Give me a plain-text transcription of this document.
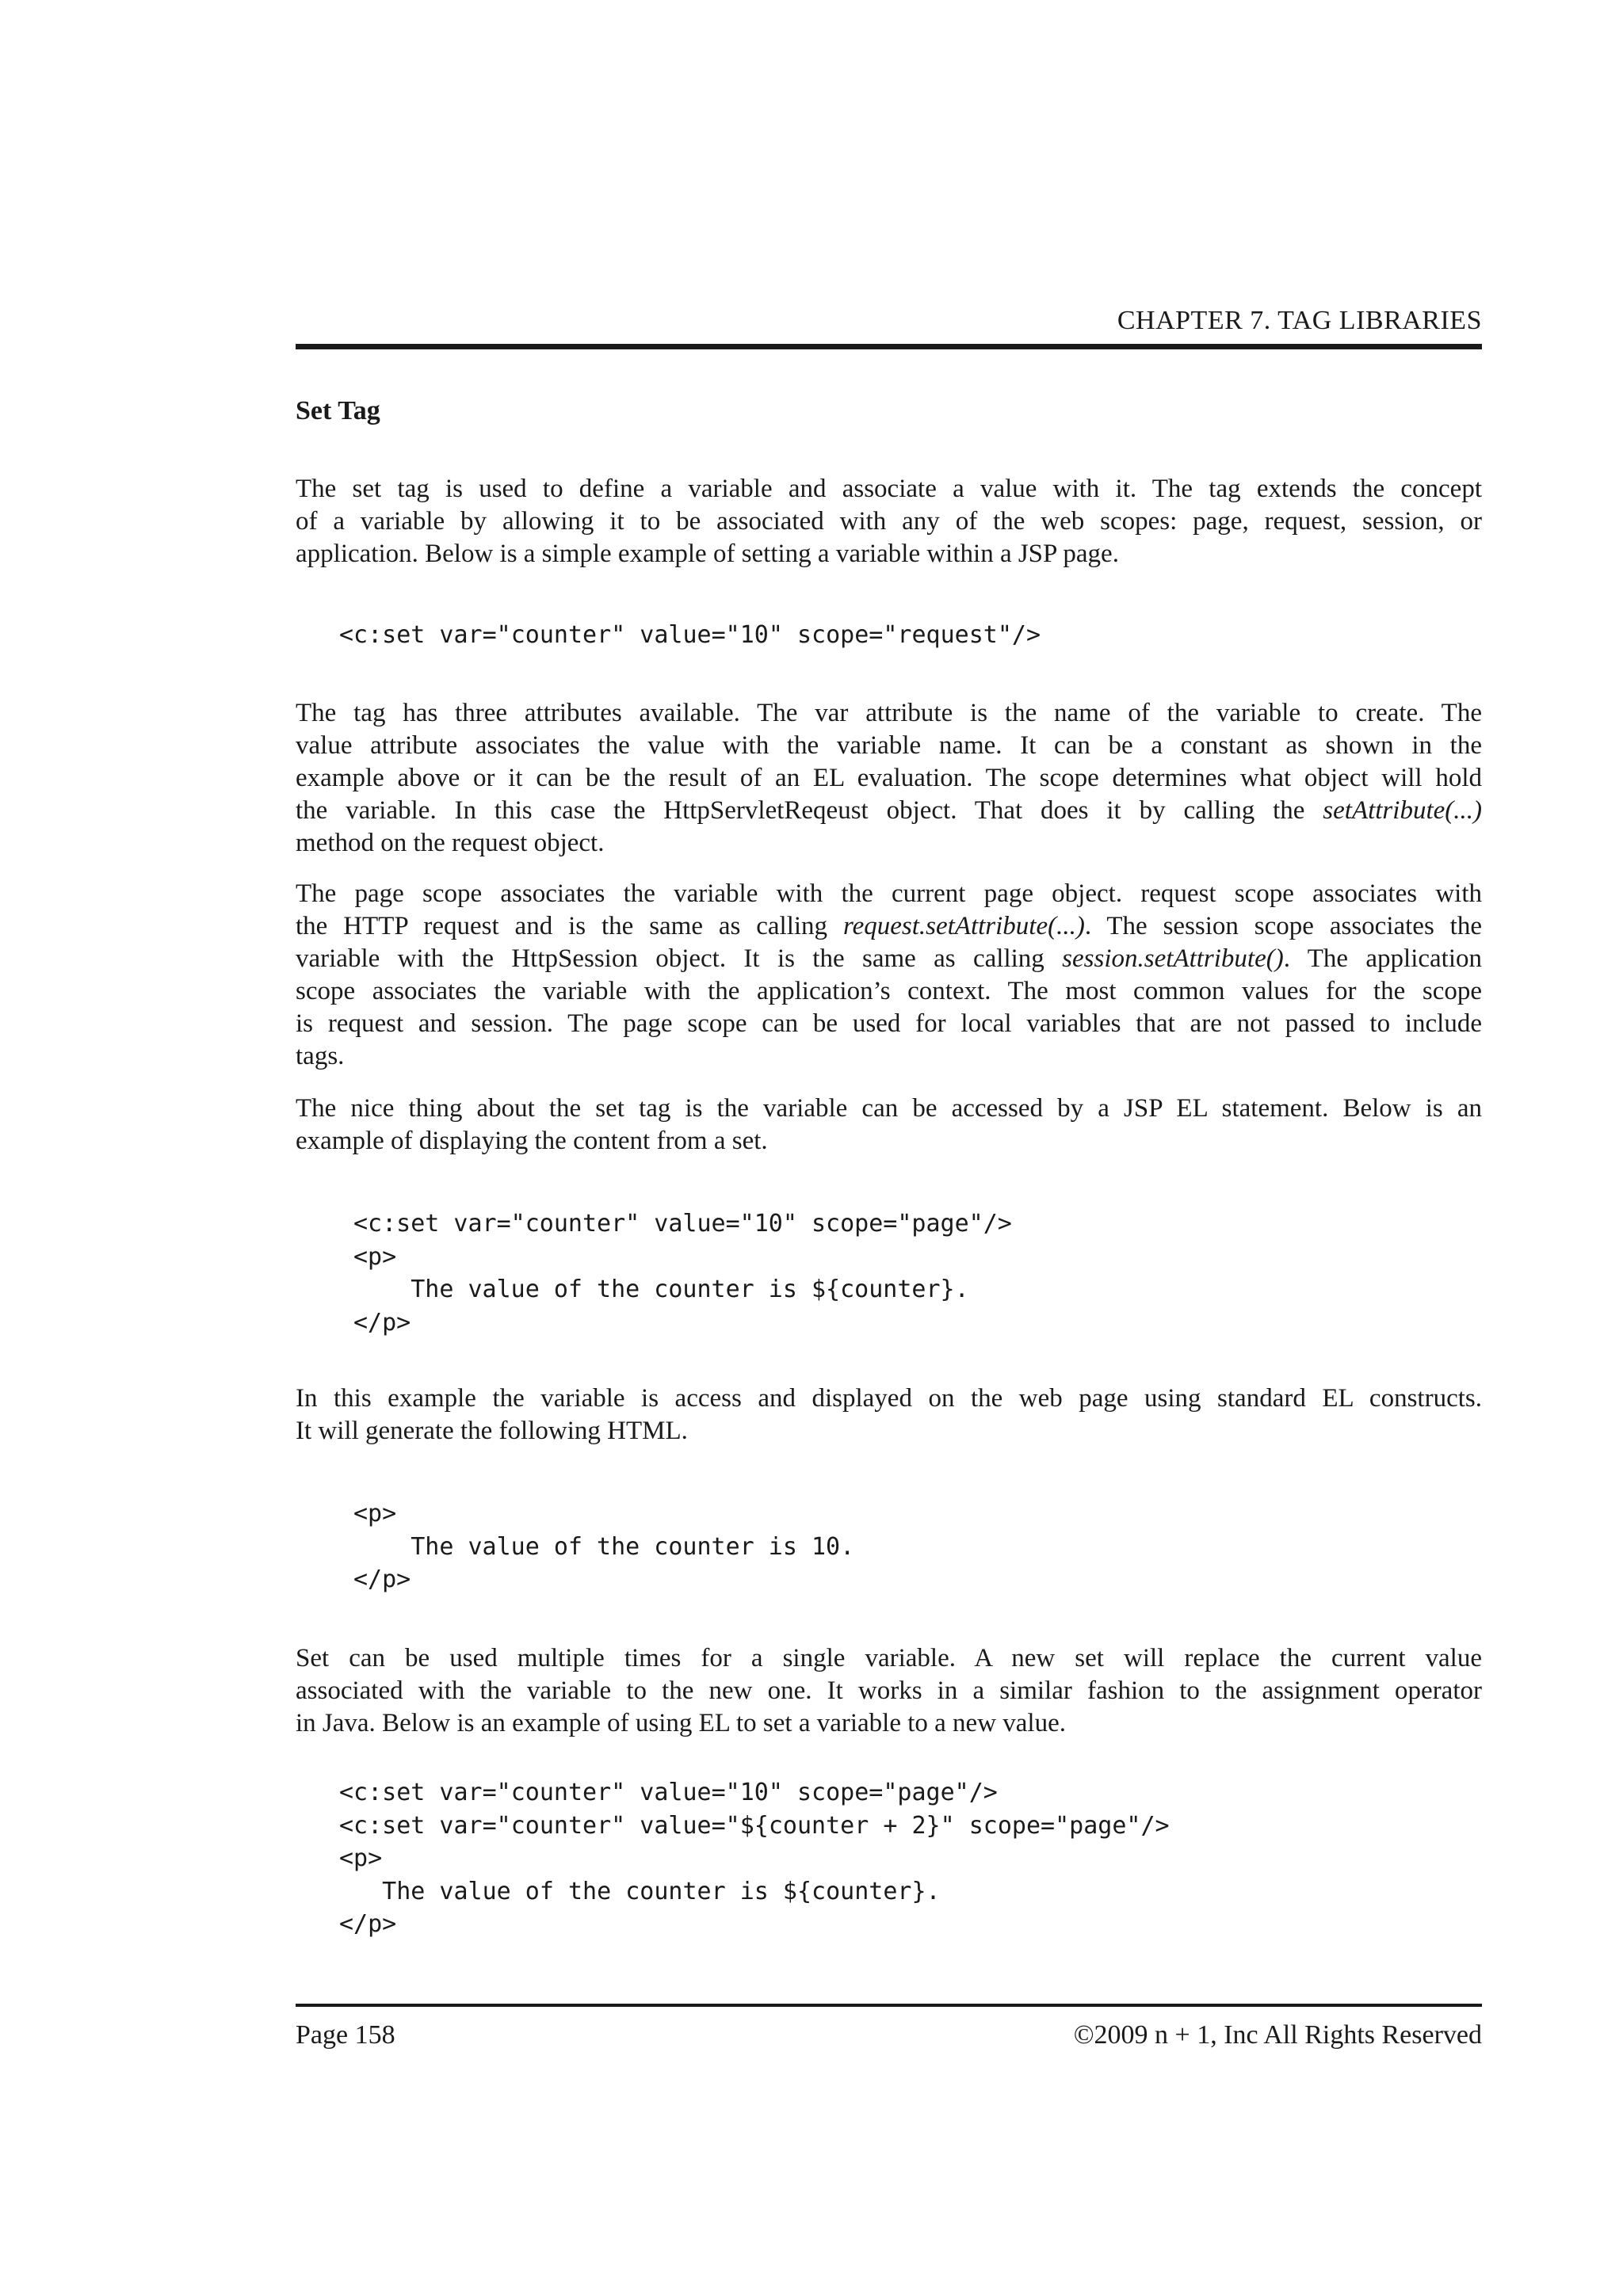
CHAPTER 7. TAG LIBRARIES
Set Tag

The set tag is used to define a variable and associate a value with it. The tag extends the concept
of a variable by allowing it to be associated with any of the web scopes: page, request, session, or
application. Below is a simple example of setting a variable within a JSP page.

<c:set var="counter" value="10" scope="request"/>

The tag has three attributes available. The var attribute is the name of the variable to create. The
value attribute associates the value with the variable name. It can be a constant as shown in the
example above or it can be the result of an EL evaluation. The scope determines what object will hold
the variable. In this case the HttpServletReqeust object. That does it by calling the setAttribute(...)
method on the request object.

The page scope associates the variable with the current page object. request scope associates with
the HTTP request and is the same as calling request.setAttribute(...). The session scope associates the
variable with the HttpSession object. It is the same as calling session.setAttribute(). The application
scope associates the variable with the application’s context. The most common values for the scope
is request and session. The page scope can be used for local variables that are not passed to include
tags.

The nice thing about the set tag is the variable can be accessed by a JSP EL statement. Below is an
example of displaying the content from a set.

<c:set var="counter" value="10" scope="page"/>
<p>
The value of the counter is ${counter}.
</p>

In this example the variable is access and displayed on the web page using standard EL constructs.
It will generate the following HTML.

<p>
The value of the counter is 10.
</p>

Set can be used multiple times for a single variable. A new set will replace the current value
associated with the variable to the new one. It works in a similar fashion to the assignment operator
in Java. Below is an example of using EL to set a variable to a new value.

<c:set var="counter" value="10" scope="page"/>
<c:set var="counter" value="${counter + 2}" scope="page"/>
<p>
The value of the counter is ${counter}.
</p>
Page 158	©2009 n + 1, Inc All Rights Reserved
